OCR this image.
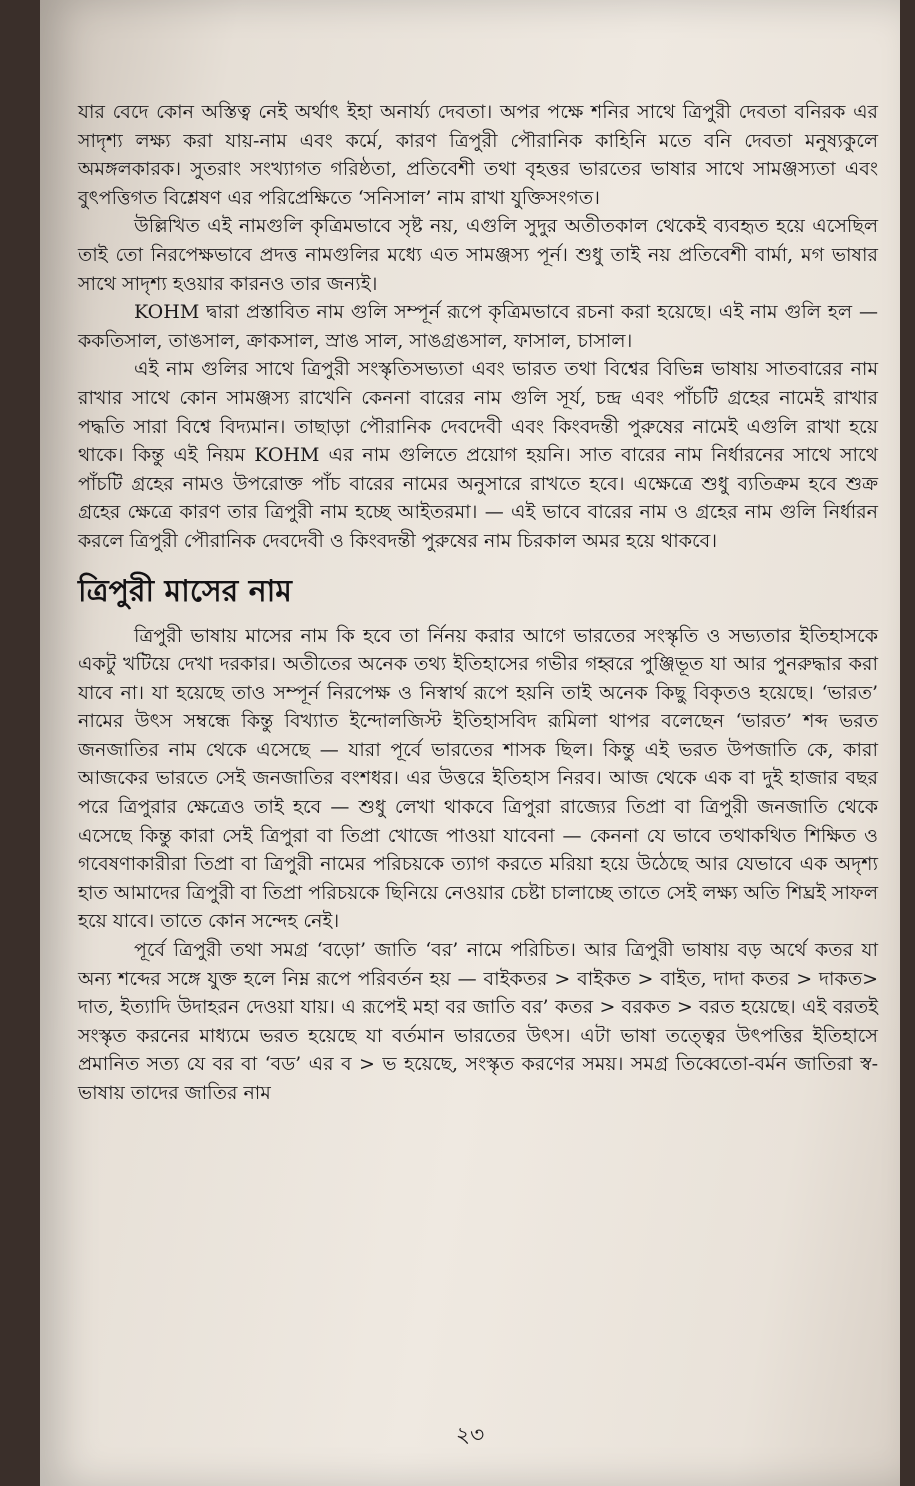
যার বেদে কোন অস্তিত্ব নেই অর্থাৎ ইহা অনার্য্য দেবতা। অপর পক্ষে শনির সাথে ত্রিপুরী দেবতা বনিরক এর সাদৃশ্য লক্ষ্য করা যায়-নাম এবং কর্মে, কারণ ত্রিপুরী পৌরানিক কাহিনি মতে বনি দেবতা মনুষ্যকুলে অমঙ্গলকারক। সুতরাং সংখ্যাগত গরিষ্ঠতা, প্রতিবেশী তথা বৃহত্তর ভারতের ভাষার সাথে সামঞ্জস্যতা এবং বুৎপত্তিগত বিশ্লেষণ এর পরিপ্রেক্ষিতে ‘সনিসাল’ নাম রাখা যুক্তিসংগত।

উল্লিখিত এই নামগুলি কৃত্রিমভাবে সৃষ্ট নয়, এগুলি সুদুর অতীতকাল থেকেই ব্যবহৃত হয়ে এসেছিল তাই তো নিরপেক্ষভাবে প্রদত্ত নামগুলির মধ্যে এত সামঞ্জস্য পূর্ন। শুধু তাই নয় প্রতিবেশী বার্মা, মগ ভাষার সাথে সাদৃশ্য হওয়ার কারনও তার জন্যই।

KOHM দ্বারা প্রস্তাবিত নাম গুলি সম্পূর্ন রূপে কৃত্রিমভাবে রচনা করা হয়েছে। এই নাম গুলি হল — ককতিসাল, তাঙসাল, ক্রাকসাল, স্রাঙ সাল, সাঙগ্রঙসাল, ফাসাল, চাসাল।

এই নাম গুলির সাথে ত্রিপুরী সংস্কৃতিসভ্যতা এবং ভারত তথা বিশ্বের বিভিন্ন ভাষায় সাতবারের নাম রাখার সাথে কোন সামঞ্জস্য রাখেনি কেননা বারের নাম গুলি সূর্য, চন্দ্র এবং পাঁচটি গ্রহের নামেই রাখার পদ্ধতি সারা বিশ্বে বিদ্যমান। তাছাড়া পৌরানিক দেবদেবী এবং কিংবদন্তী পুরুষের নামেই এগুলি রাখা হয়ে থাকে। কিন্তু এই নিয়ম KOHM এর নাম গুলিতে প্রয়োগ হয়নি। সাত বারের নাম নির্ধারনের সাথে সাথে পাঁচটি গ্রহের নামও উপরোক্ত পাঁচ বারের নামের অনুসারে রাখতে হবে। এক্ষেত্রে শুধু ব্যতিক্রম হবে শুক্র গ্রহের ক্ষেত্রে কারণ তার ত্রিপুরী নাম হচ্ছে আইতরমা। — এই ভাবে বারের নাম ও গ্রহের নাম গুলি নির্ধারন করলে ত্রিপুরী পৌরানিক দেবদেবী ও কিংবদন্তী পুরুষের নাম চিরকাল অমর হয়ে থাকবে।

ত্রিপুরী মাসের নাম

ত্রিপুরী ভাষায় মাসের নাম কি হবে তা র্নিনয় করার আগে ভারতের সংস্কৃতি ও সভ্যতার ইতিহাসকে একটু খটিয়ে দেখা দরকার। অতীতের অনেক তথ্য ইতিহাসের গভীর গহ্বরে পুঞ্জিভূত যা আর পুনরুদ্ধার করা যাবে না। যা হয়েছে তাও সম্পূর্ন নিরপেক্ষ ও নিস্বার্থ রূপে হয়নি তাই অনেক কিছু বিকৃতও হয়েছে। ‘ভারত’ নামের উৎস সম্বন্ধে কিন্তু বিখ্যাত ইন্দোলজিস্ট ইতিহাসবিদ রূমিলা থাপর বলেছেন ‘ভারত’ শব্দ ভরত জনজাতির নাম থেকে এসেছে — যারা পূর্বে ভারতের শাসক ছিল। কিন্তু এই ভরত উপজাতি কে, কারা আজকের ভারতে সেই জনজাতির বংশধর। এর উত্তরে ইতিহাস নিরব। আজ থেকে এক বা দুই হাজার বছর পরে ত্রিপুরার ক্ষেত্রেও তাই হবে — শুধু লেখা থাকবে ত্রিপুরা রাজ্যের তিপ্রা বা ত্রিপুরী জনজাতি থেকে এসেছে কিন্তু কারা সেই ত্রিপুরা বা তিপ্রা খোজে পাওয়া যাবেনা — কেননা যে ভাবে তথাকথিত শিক্ষিত ও গবেষণাকারীরা তিপ্রা বা ত্রিপুরী নামের পরিচয়কে ত্যাগ করতে মরিয়া হয়ে উঠেছে আর যেভাবে এক অদৃশ্য হাত আমাদের ত্রিপুরী বা তিপ্রা পরিচয়কে ছিনিয়ে নেওয়ার চেষ্টা চালাচ্ছে তাতে সেই লক্ষ্য অতি শিঘ্রই সাফল হয়ে যাবে। তাতে কোন সন্দেহ নেই।

পূর্বে ত্রিপুরী তথা সমগ্র ‘বড়ো’ জাতি ‘বর’ নামে পরিচিত। আর ত্রিপুরী ভাষায় বড় অর্থে কতর যা অন্য শব্দের সঙ্গে যুক্ত হলে নিম্ন রূপে পরিবর্তন হয় — বাইকতর > বাইকত > বাইত, দাদা কতর > দাকত> দাত, ইত্যাদি উদাহরন দেওয়া যায়। এ রূপেই মহা বর জাতি বর’ কতর > বরকত > বরত হয়েছে। এই বরতই সংস্কৃত করনের মাধ্যমে ভরত হয়েছে যা বর্তমান ভারতের উৎস। এটা ভাষা তত্ত্বের উৎপত্তির ইতিহাসে প্রমানিত সত্য যে বর বা ‘বড’ এর ব > ভ হয়েছে, সংস্কৃত করণের সময়। সমগ্র তিব্বেতো-বর্মন জাতিরা স্ব-ভাষায় তাদের জাতির নাম

২৩
